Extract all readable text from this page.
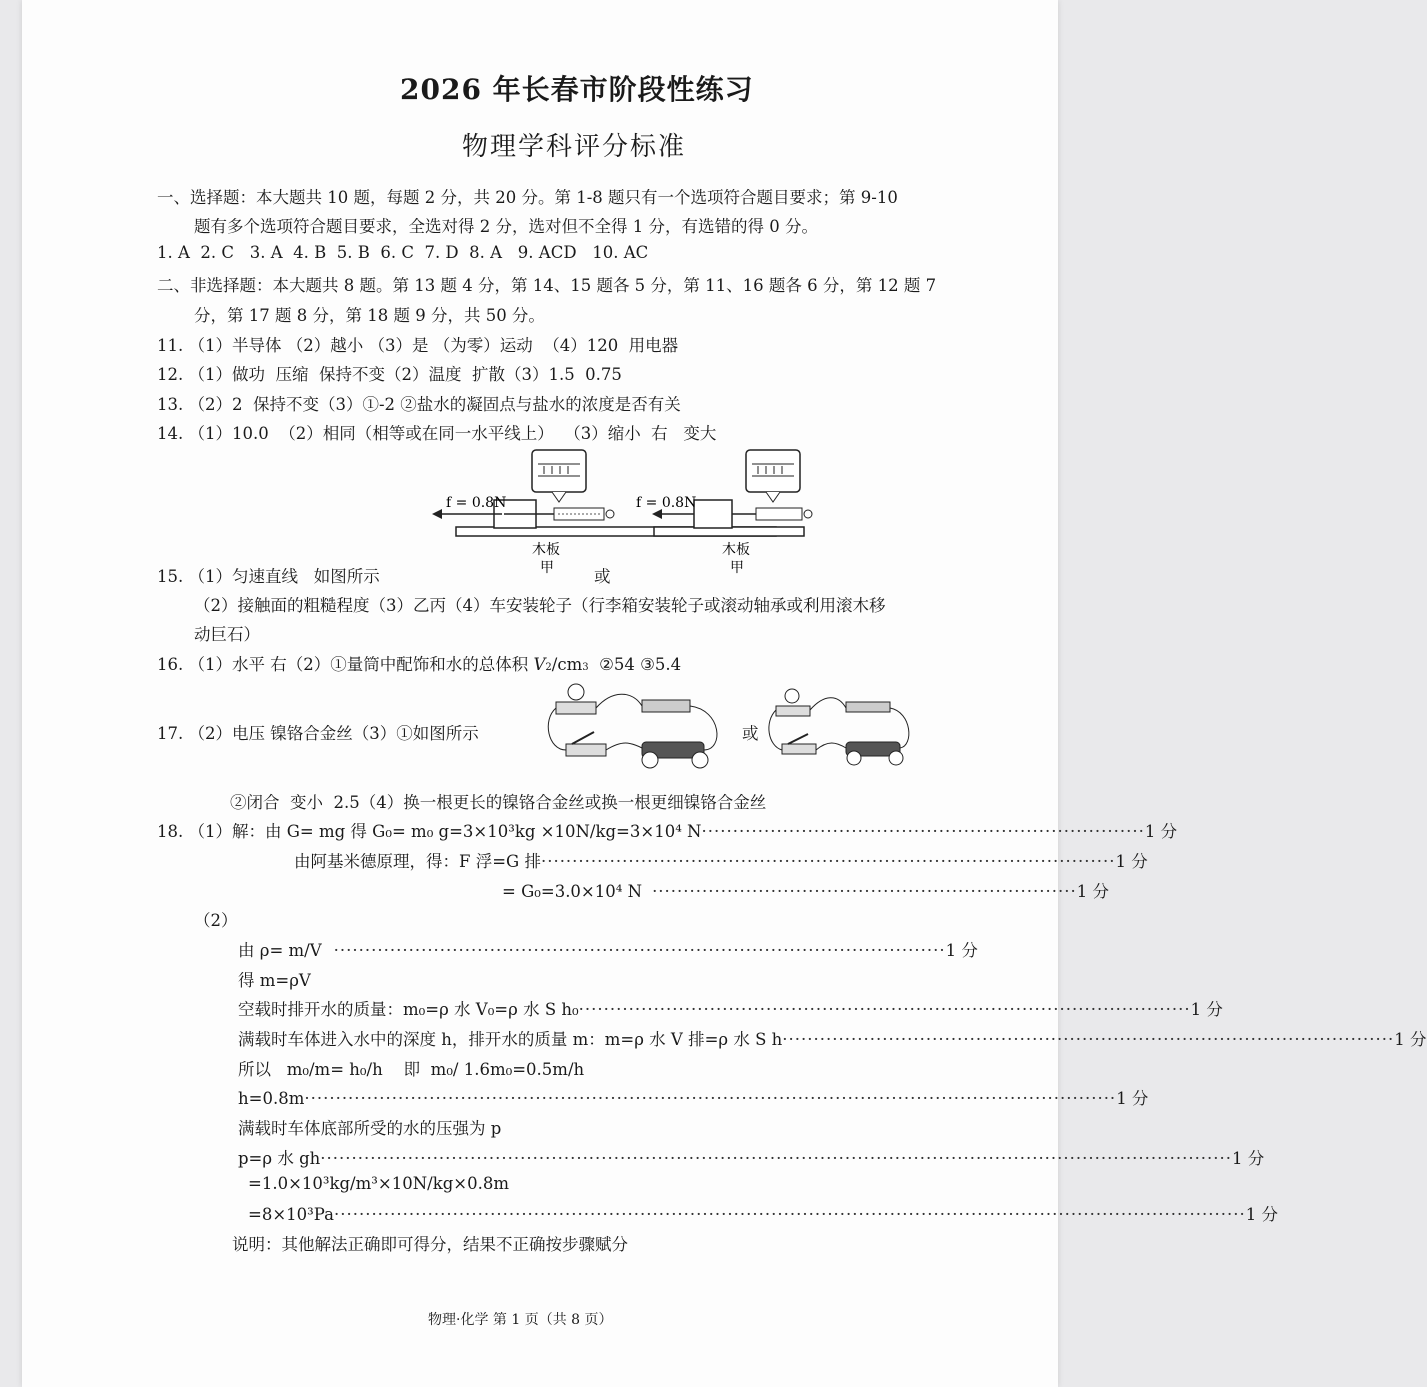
2026 年长春市阶段性练习
物理学科评分标准
一、选择题：本大题共 10 题，每题 2 分，共 20 分。第 1-8 题只有一个选项符合题目要求；第 9-10
题有多个选项符合题目要求，全选对得 2 分，选对但不全得 1 分，有选错的得 0 分。
1. A  2. C   3. A  4. B  5. B  6. C  7. D  8. A   9. ACD   10. AC
二、非选择题：本大题共 8 题。第 13 题 4 分，第 14、15 题各 5 分，第 11、16 题各 6 分，第 12 题 7
分，第 17 题 8 分，第 18 题 9 分，共 50 分。
11. （1）半导体 （2）越小 （3）是 （为零）运动  （4）120  用电器
12. （1）做功  压缩  保持不变（2）温度  扩散（3）1.5  0.75
13. （2）2  保持不变（3）①-2 ②盐水的凝固点与盐水的浓度是否有关
14. （1）10.0  （2）相同（相等或在同一水平线上）  （3）缩小  右   变大
f = 0.8N
木板
甲
f = 0.8N
木板
甲
15. （1）匀速直线   如图所示	或
（2）接触面的粗糙程度（3）乙丙（4）车安装轮子（行李箱安装轮子或滚动轴承或利用滚木移
动巨石）
16. （1）水平 右（2）①量筒中配饰和水的总体积 V 2 /cm 3 ②54 ③5.4
或
17. （2）电压 镍铬合金丝（3）①如图所示
②闭合  变小  2.5（4）换一根更长的镍铬合金丝或换一根更细镍铬合金丝
18. （1）解：由 G= mg 得 G₀= m₀ g=3×10³kg ×10N/kg=3×10⁴ N ······································································· 1 分
由阿基米德原理，得：F 浮=G 排 ···························································································· 1 分
= G₀=3.0×10⁴ N ···································································· 1 分
（2）
由 ρ= m/V ·································································································· 1 分
得 m=ρV
空载时排开水的质量：m₀=ρ 水 V₀=ρ 水 S h₀ ·································································································· 1 分
满载时车体进入水中的深度 h，排开水的质量 m：m=ρ 水 V 排=ρ 水 S h ·································································································· 1 分
所以   m₀/m= h₀/h    即  m₀/ 1.6m₀=0.5m/h
h=0.8m ·································································································································· 1 分
满载时车体底部所受的水的压强为 p
p=ρ 水 gh ·················································································································································· 1 分
=1.0×10³kg/m³×10N/kg×0.8m
=8×10³Pa ·················································································································································· 1 分
说明：其他解法正确即可得分，结果不正确按步骤赋分
物理·化学 第 1 页（共 8 页）
